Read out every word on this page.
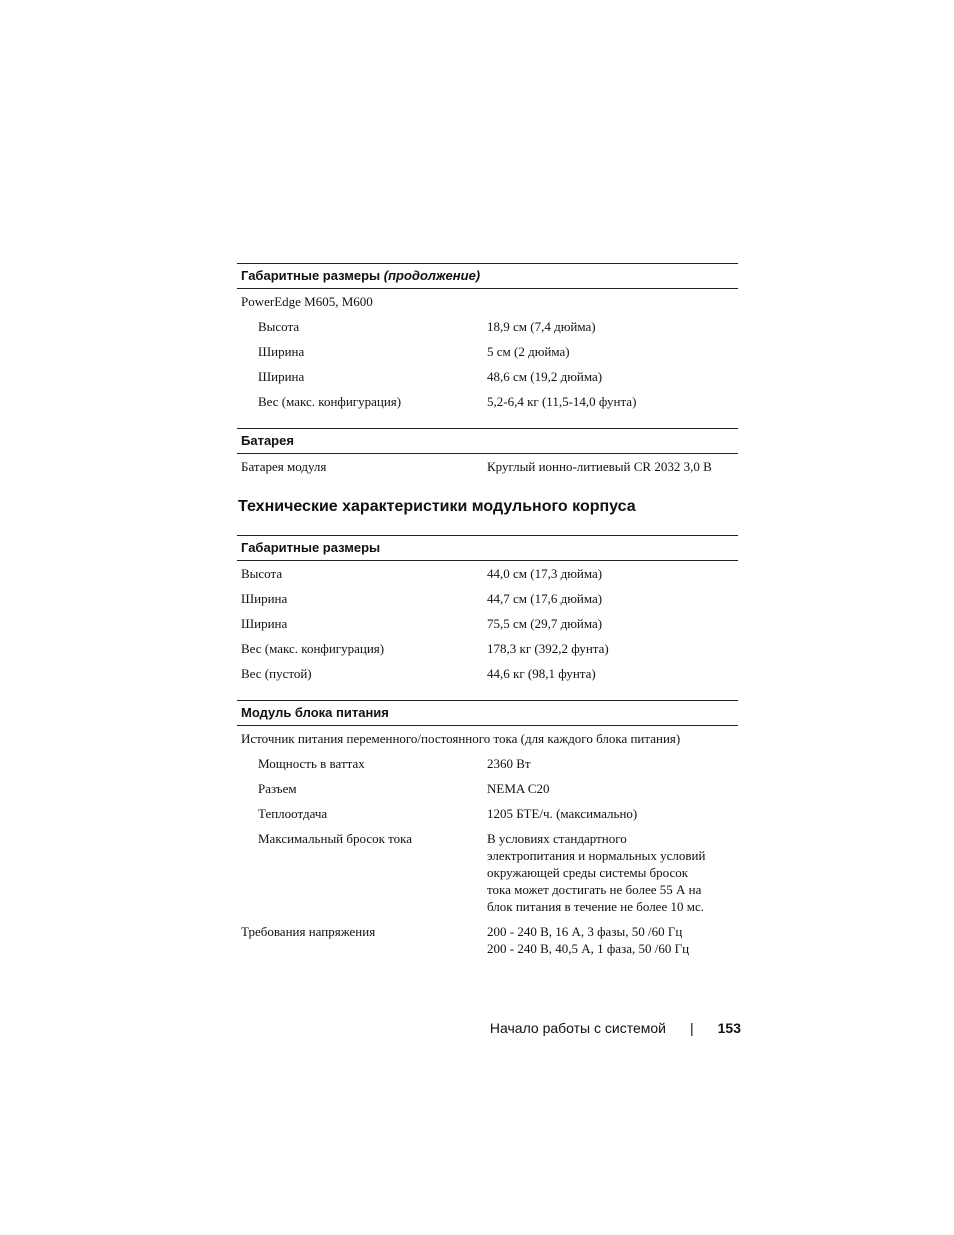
Габаритные размеры (продолжение)
PowerEdge M605, M600
Высота	18,9 см (7,4 дюйма)
Ширина	5 см (2 дюйма)
Ширина	48,6 см (19,2 дюйма)
Вес (макс. конфигурация)	5,2-6,4 кг (11,5-14,0 фунта)
Батарея
Батарея модуля	Круглый ионно-литиевый CR 2032 3,0 В
Технические характеристики модульного корпуса
Габаритные размеры
Высота	44,0 см (17,3 дюйма)
Ширина	44,7 см (17,6 дюйма)
Ширина	75,5 см (29,7 дюйма)
Вес (макс. конфигурация)	178,3 кг (392,2 фунта)
Вес (пустой)	44,6 кг (98,1 фунта)
Модуль блока питания
Источник питания переменного/постоянного тока (для каждого блока питания)
Мощность в ваттах	2360 Вт
Разъем	NEMA C20
Теплоотдача	1205 БТЕ/ч. (максимально)
Максимальный бросок тока	В условиях стандартного
электропитания и нормальных условий
окружающей среды системы бросок
тока может достигать не более 55 А на
блок питания в течение не более 10 мс.
Требования напряжения	200 - 240 В, 16 А, 3 фазы, 50 /60 Гц
200 - 240 В, 40,5 А, 1 фаза, 50 /60 Гц
Начало работы с системой | 153
